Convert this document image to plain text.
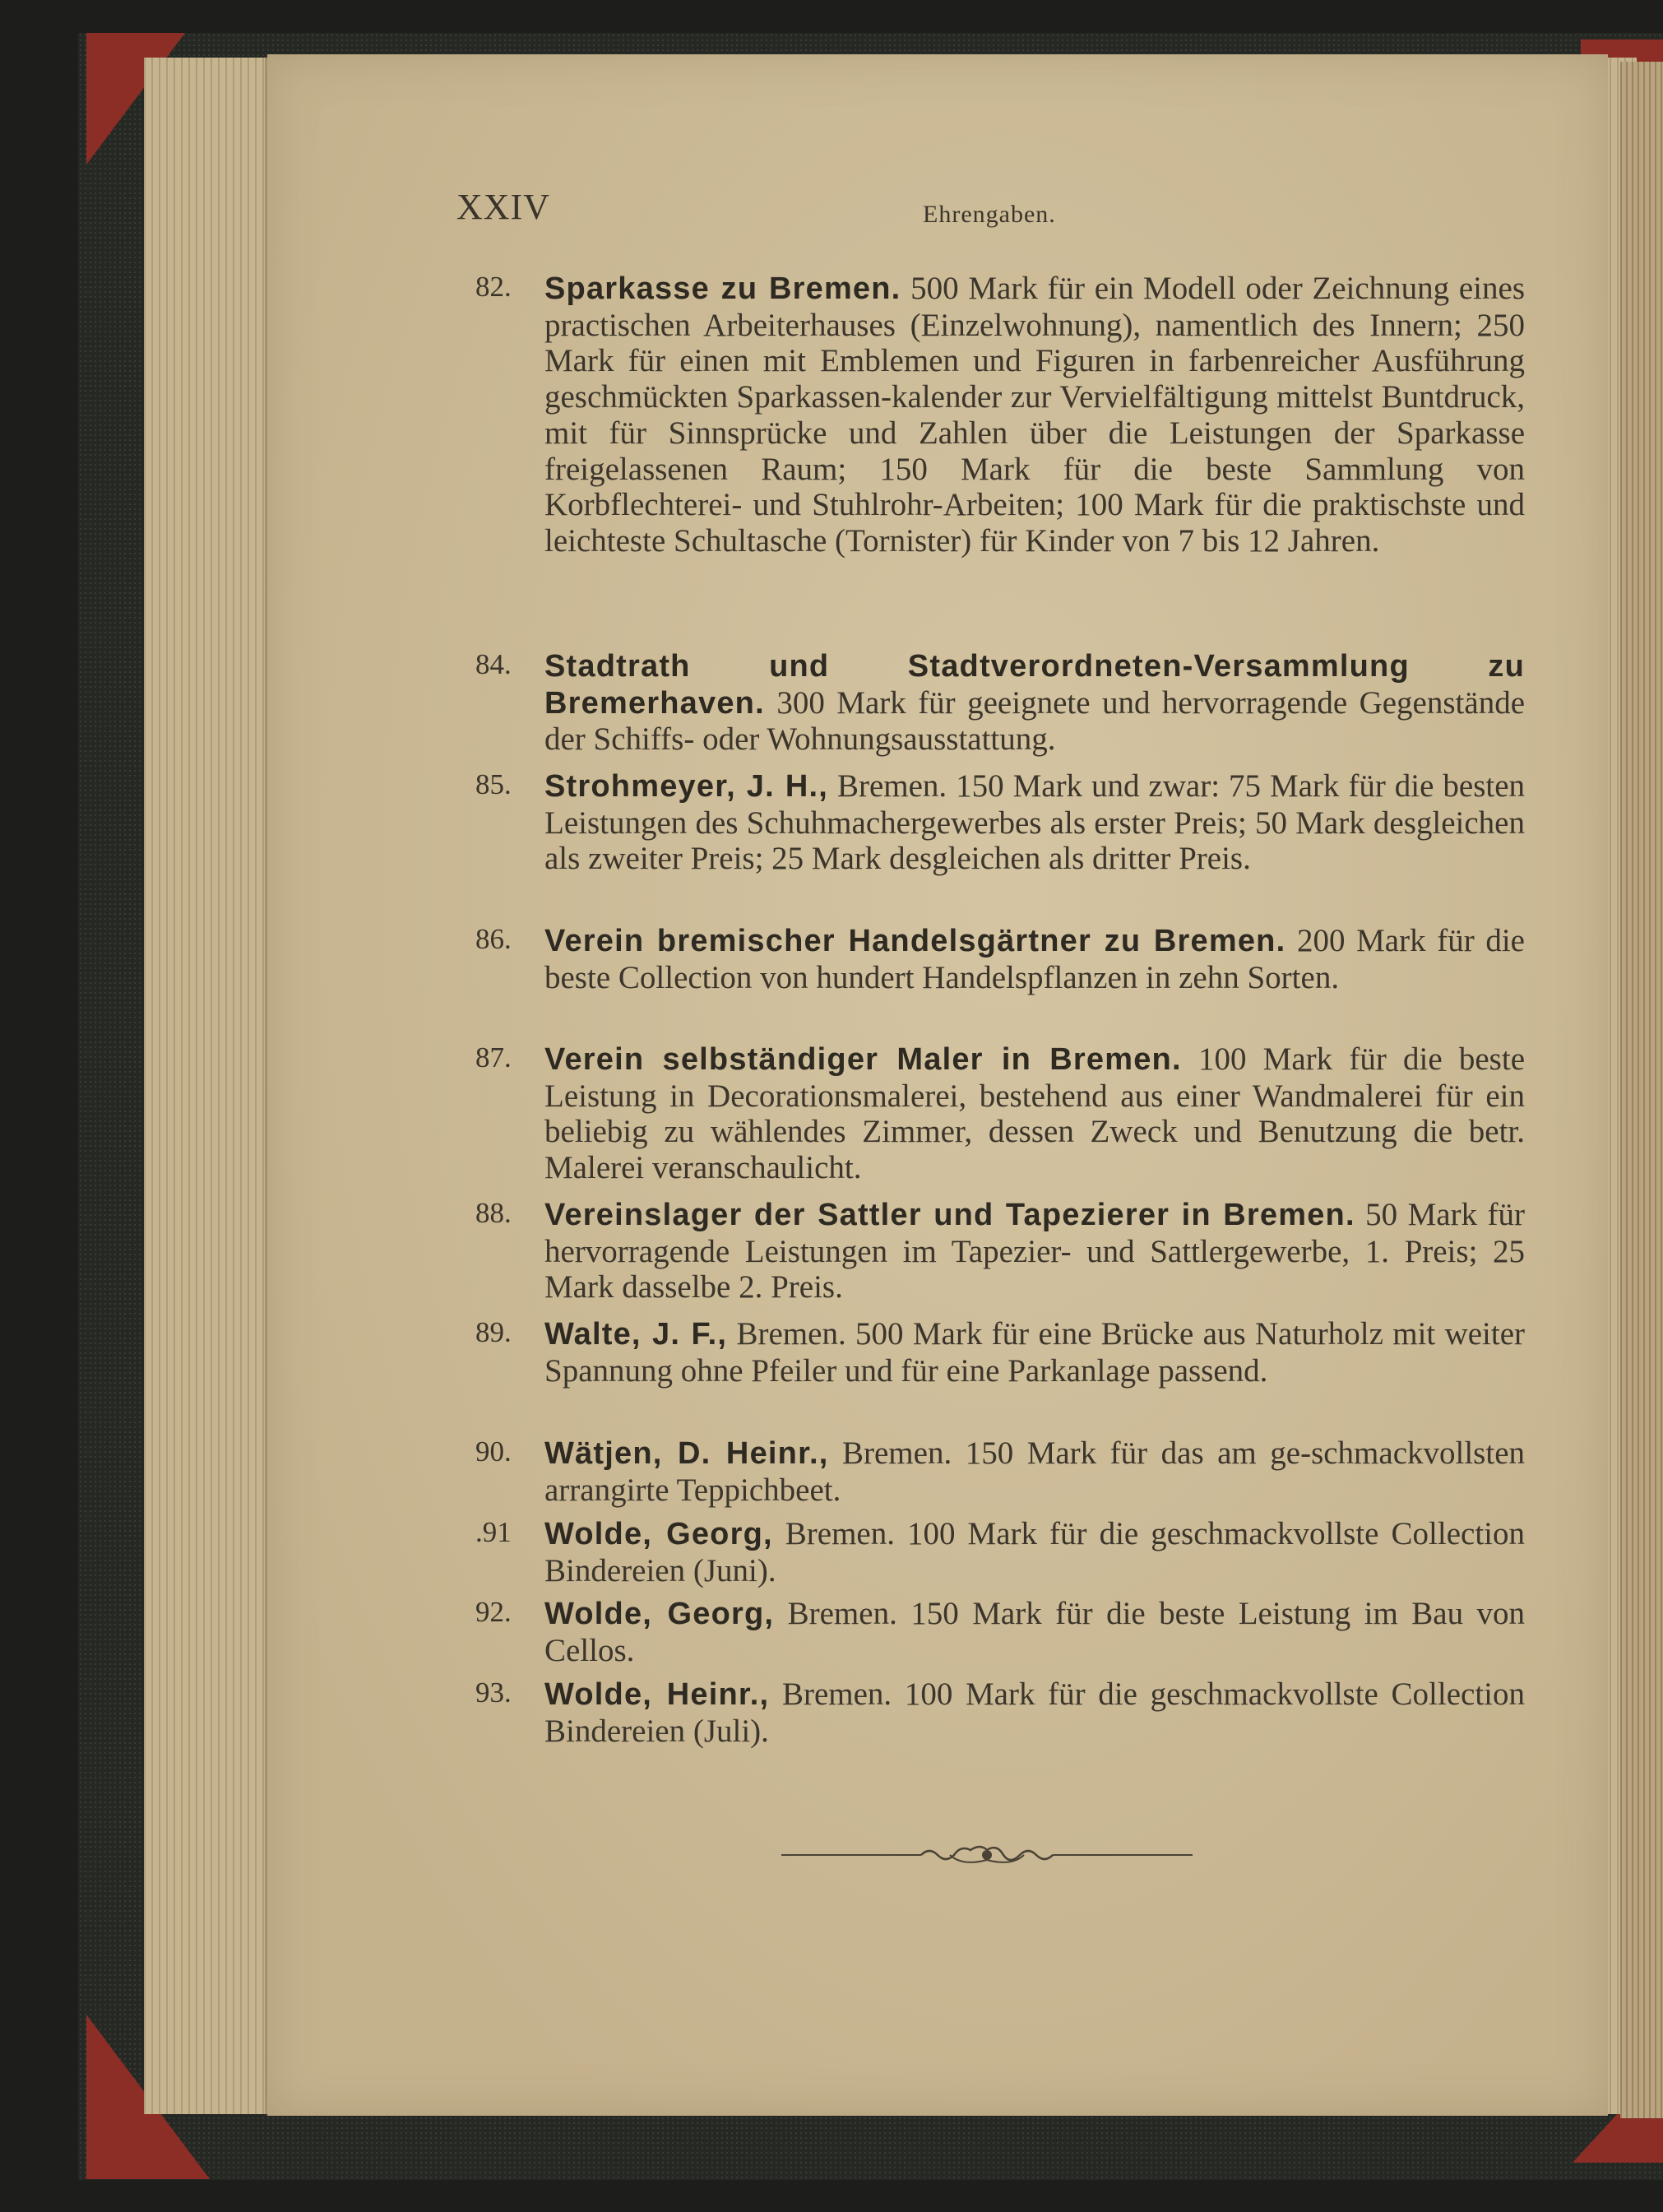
XXIV	Ehrengaben.
82. Sparkasse zu Bremen. 500 Mark für ein Modell oder Zeichnung eines practischen Arbeiterhauses (Einzelwohnung), namentlich des Innern; 250 Mark für einen mit Emblemen und Figuren in farbenreicher Ausführung geschmückten Sparkassen-kalender zur Vervielfältigung mittelst Buntdruck, mit für Sinnsprücke und Zahlen über die Leistungen der Sparkasse freigelassenen Raum; 150 Mark für die beste Sammlung von Korbflechterei- und Stuhlrohr-Arbeiten; 100 Mark für die praktischste und leichteste Schultasche (Tornister) für Kinder von 7 bis 12 Jahren.
84. Stadtrath und Stadtverordneten-Versammlung zu Bremerhaven. 300 Mark für geeignete und hervorragende Gegenstände der Schiffs- oder Wohnungsausstattung.
85. Strohmeyer, J. H., Bremen. 150 Mark und zwar: 75 Mark für die besten Leistungen des Schuhmachergewerbes als erster Preis; 50 Mark desgleichen als zweiter Preis; 25 Mark desgleichen als dritter Preis.
86. Verein bremischer Handelsgärtner zu Bremen. 200 Mark für die beste Collection von hundert Handelspflanzen in zehn Sorten.
87. Verein selbständiger Maler in Bremen. 100 Mark für die beste Leistung in Decorationsmalerei, bestehend aus einer Wandmalerei für ein beliebig zu wählendes Zimmer, dessen Zweck und Benutzung die betr. Malerei veranschaulicht.
88. Vereinslager der Sattler und Tapezierer in Bremen. 50 Mark für hervorragende Leistungen im Tapezier- und Sattlergewerbe, 1. Preis; 25 Mark dasselbe 2. Preis.
89. Walte, J. F., Bremen. 500 Mark für eine Brücke aus Naturholz mit weiter Spannung ohne Pfeiler und für eine Parkanlage passend.
90. Wätjen, D. Heinr., Bremen. 150 Mark für das am ge-schmackvollsten arrangirte Teppichbeet.
.91 Wolde, Georg, Bremen. 100 Mark für die geschmackvollste Collection Bindereien (Juni).
92. Wolde, Georg, Bremen. 150 Mark für die beste Leistung im Bau von Cellos.
93. Wolde, Heinr., Bremen. 100 Mark für die geschmackvollste Collection Bindereien (Juli).
